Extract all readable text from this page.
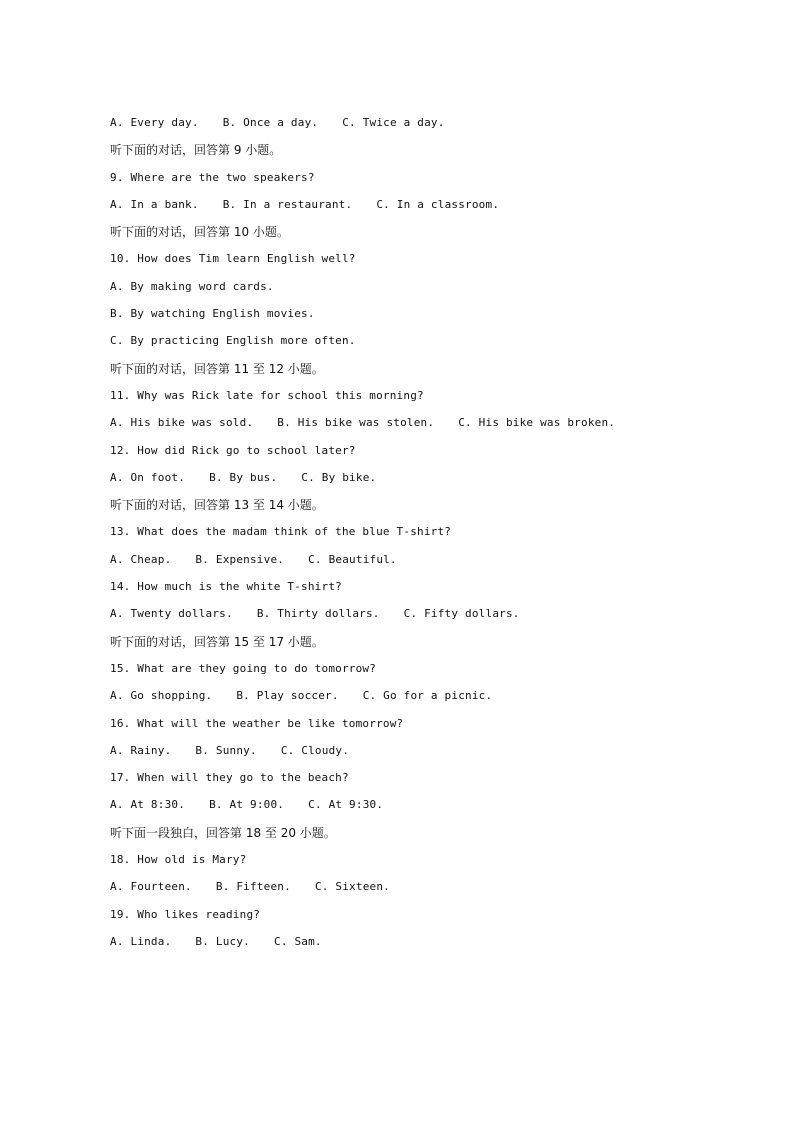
A. Every day. B. Once a day. C. Twice a day.
听下面的对话，回答第 9 小题。
9. Where are the two speakers?
A. In a bank. B. In a restaurant. C. In a classroom.
听下面的对话，回答第 10 小题。
10. How does Tim learn English well?
A. By making word cards.
B. By watching English movies.
C. By practicing English more often.
听下面的对话，回答第 11 至 12 小题。
11. Why was Rick late for school this morning?
A. His bike was sold. B. His bike was stolen. C. His bike was broken.
12. How did Rick go to school later?
A. On foot. B. By bus. C. By bike.
听下面的对话，回答第 13 至 14 小题。
13. What does the madam think of the blue T-shirt?
A. Cheap. B. Expensive. C. Beautiful.
14. How much is the white T-shirt?
A. Twenty dollars. B. Thirty dollars. C. Fifty dollars.
听下面的对话，回答第 15 至 17 小题。
15. What are they going to do tomorrow?
A. Go shopping. B. Play soccer. C. Go for a picnic.
16. What will the weather be like tomorrow?
A. Rainy. B. Sunny. C. Cloudy.
17. When will they go to the beach?
A. At 8:30. B. At 9:00. C. At 9:30.
听下面一段独白，回答第 18 至 20 小题。
18. How old is Mary?
A. Fourteen. B. Fifteen. C. Sixteen.
19. Who likes reading?
A. Linda. B. Lucy. C. Sam.
